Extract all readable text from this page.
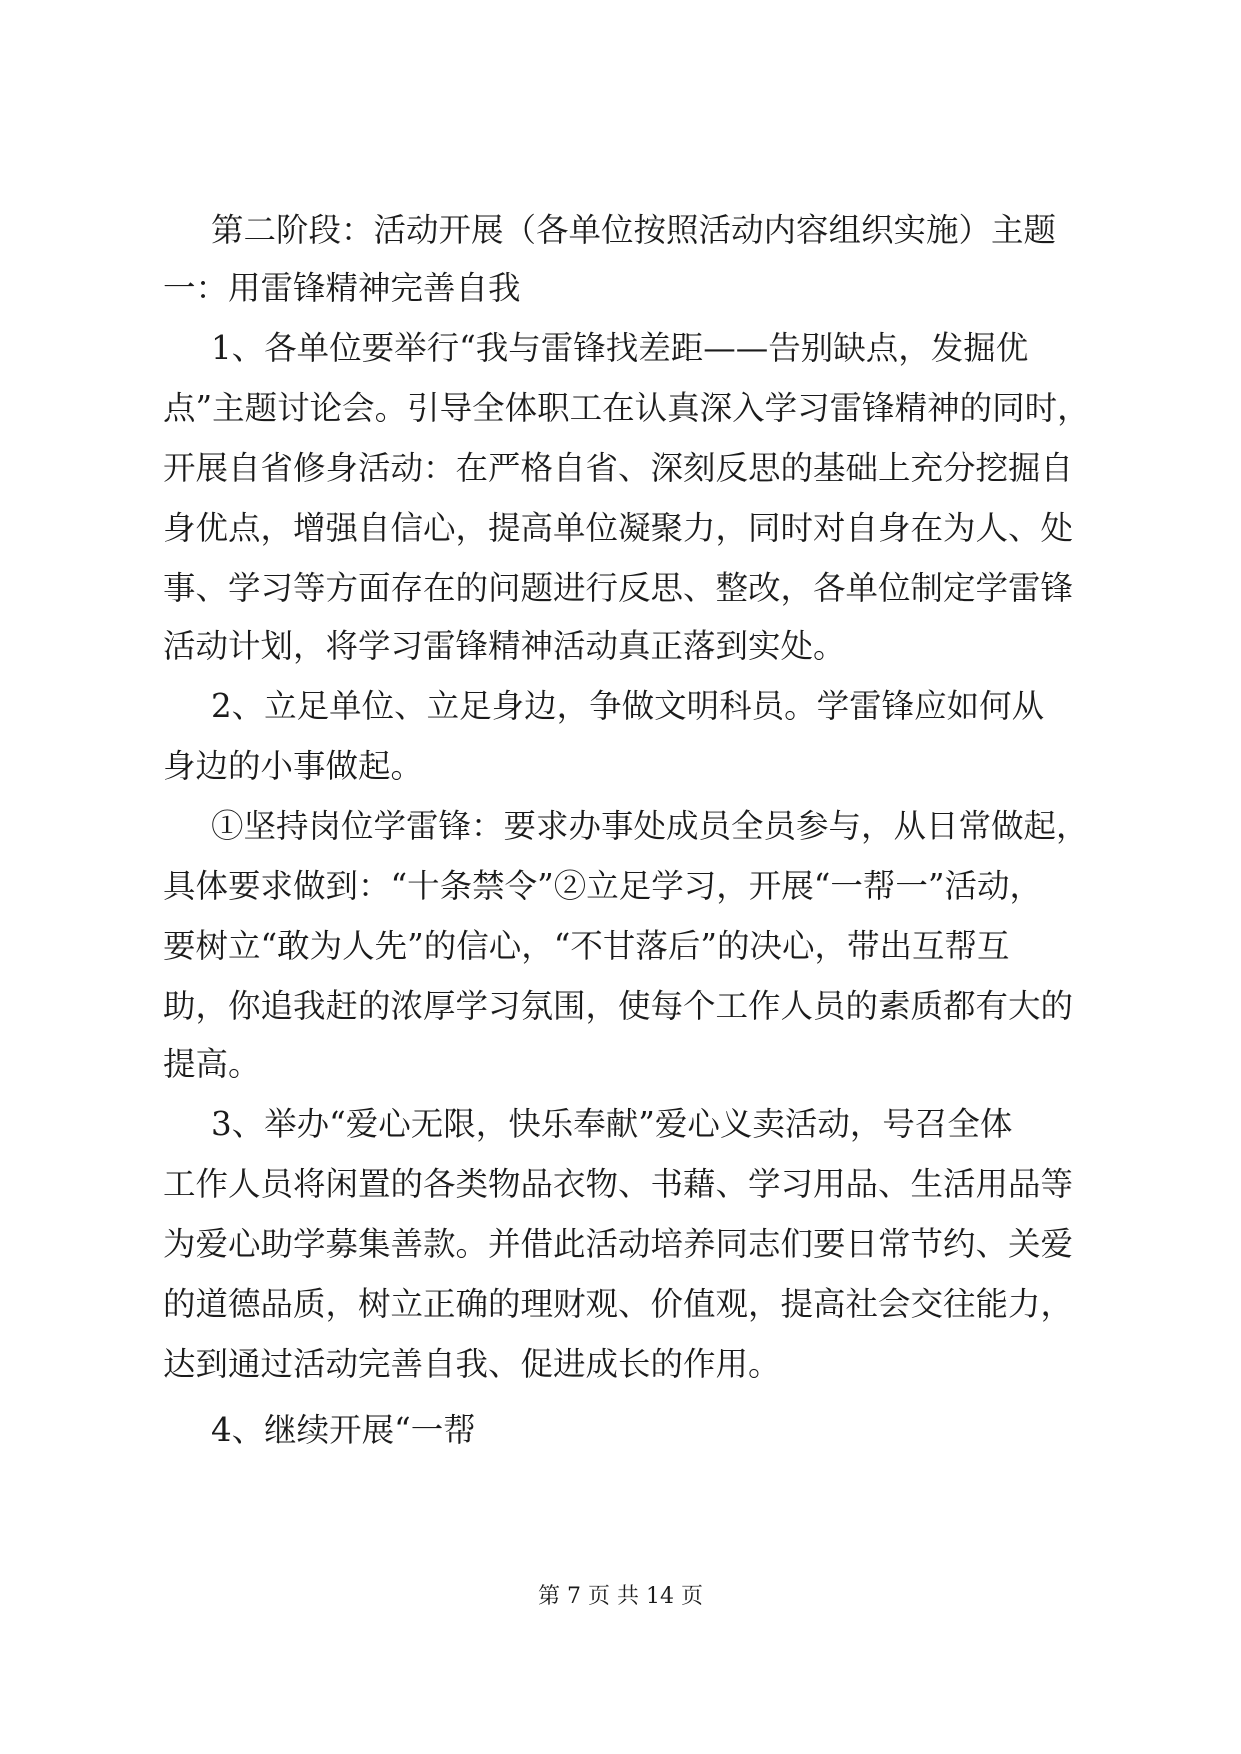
第二阶段：活动开展（各单位按照活动内容组织实施）主题
一：用雷锋精神完善自我
1、各单位要举行“我与雷锋找差距——告别缺点，发掘优
点”主题讨论会。引导全体职工在认真深入学习雷锋精神的同时，
开展自省修身活动：在严格自省、深刻反思的基础上充分挖掘自
身优点，增强自信心，提高单位凝聚力，同时对自身在为人、处
事、学习等方面存在的问题进行反思、整改，各单位制定学雷锋
活动计划，将学习雷锋精神活动真正落到实处。
2、立足单位、立足身边，争做文明科员。学雷锋应如何从
身边的小事做起。
①坚持岗位学雷锋：要求办事处成员全员参与，从日常做起，
具体要求做到：“十条禁令”②立足学习，开展“一帮一”活动，
要树立“敢为人先”的信心，“不甘落后”的决心，带出互帮互
助，你追我赶的浓厚学习氛围，使每个工作人员的素质都有大的
提高。
3、举办“爱心无限，快乐奉献”爱心义卖活动，号召全体
工作人员将闲置的各类物品衣物、书藉、学习用品、生活用品等
为爱心助学募集善款。并借此活动培养同志们要日常节约、关爱
的道德品质，树立正确的理财观、价值观，提高社会交往能力，
达到通过活动完善自我、促进成长的作用。
4、继续开展“一帮
第 7 页 共 14 页
